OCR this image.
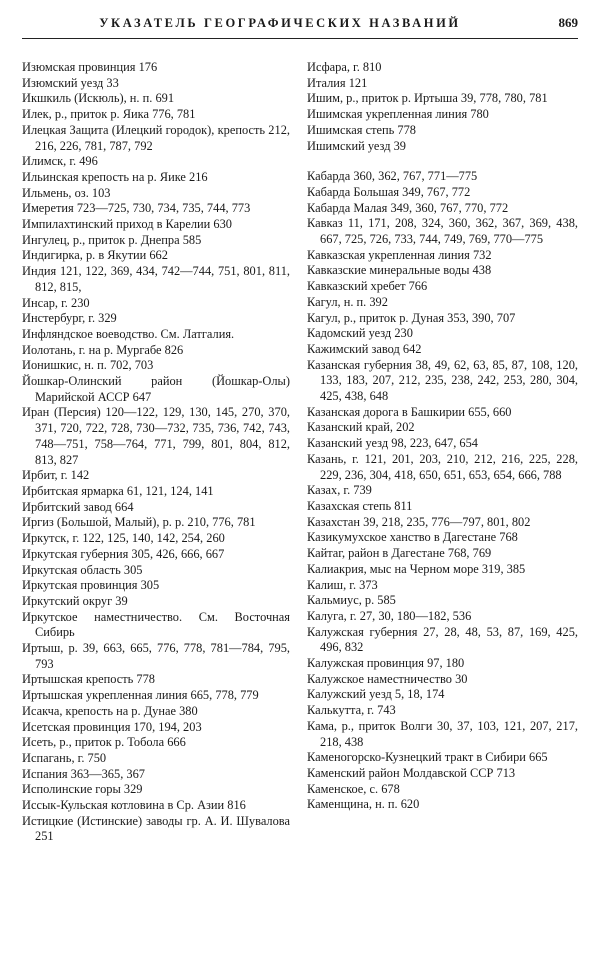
УКАЗАТЕЛЬ ГЕОГРАФИЧЕСКИХ НАЗВАНИЙ	869
Изюмская провинция 176
Изюмский уезд 33
Икшкиль (Искюль), н. п. 691
Илек, р., приток р. Яика 776, 781
Илецкая Защита (Илецкий городок), крепость 212, 216, 226, 781, 787, 792
Илимск, г. 496
Ильинская крепость на р. Яике 216
Ильмень, оз. 103
Имеретия 723—725, 730, 734, 735, 744, 773
Импилахтинский приход в Карелии 630
Ингулец, р., приток р. Днепра 585
Индигирка, р. в Якутии 662
Индия 121, 122, 369, 434, 742—744, 751, 801, 811, 812, 815,
Инсар, г. 230
Инстербург, г. 329
Инфляндское воеводство. См. Латгалия.
Иолотань, г. на р. Мургабе 826
Ионишкис, н. п. 702, 703
Йошкар-Олинский район (Йошкар-Олы) Марийской АССР 647
Иран (Персия) 120—122, 129, 130, 145, 270, 370, 371, 720, 722, 728, 730—732, 735, 736, 742, 743, 748—751, 758—764, 771, 799, 801, 804, 812, 813, 827
Ирбит, г. 142
Ирбитская ярмарка 61, 121, 124, 141
Ирбитский завод 664
Иргиз (Большой, Малый), р. р. 210, 776, 781
Иркутск, г. 122, 125, 140, 142, 254, 260
Иркутская губерния 305, 426, 666, 667
Иркутская область 305
Иркутская провинция 305
Иркутский округ 39
Иркутское наместничество. См. Восточная Сибирь
Иртыш, р. 39, 663, 665, 776, 778, 781—784, 795, 793
Иртышская крепость 778
Иртышская укрепленная линия 665, 778, 779
Исакча, крепость на р. Дунае 380
Исетская провинция 170, 194, 203
Исеть, р., приток р. Тобола 666
Испагань, г. 750
Испания 363—365, 367
Исполинские горы 329
Иссык-Кульская котловина в Ср. Азии 816
Истицкие (Истинские) заводы гр. А. И. Шувалова 251
Исфара, г. 810
Италия 121
Ишим, р., приток р. Иртыша 39, 778, 780, 781
Ишимская укрепленная линия 780
Ишимская степь 778
Ишимский уезд 39
Кабарда 360, 362, 767, 771—775
Кабарда Большая 349, 767, 772
Кабарда Малая 349, 360, 767, 770, 772
Кавказ 11, 171, 208, 324, 360, 362, 367, 369, 438, 667, 725, 726, 733, 744, 749, 769, 770—775
Кавказская укрепленная линия 732
Кавказские минеральные воды 438
Кавказский хребет 766
Кагул, н. п. 392
Кагул, р., приток р. Дуная 353, 390, 707
Кадомский уезд 230
Кажимский завод 642
Казанская губерния 38, 49, 62, 63, 85, 87, 108, 120, 133, 183, 207, 212, 235, 238, 242, 253, 280, 304, 425, 438, 648
Казанская дорога в Башкирии 655, 660
Казанский край, 202
Казанский уезд 98, 223, 647, 654
Казань, г. 121, 201, 203, 210, 212, 216, 225, 228, 229, 236, 304, 418, 650, 651, 653, 654, 666, 788
Казах, г. 739
Казахская степь 811
Казахстан 39, 218, 235, 776—797, 801, 802
Казикумухское ханство в Дагестане 768
Кайтаг, район в Дагестане 768, 769
Калиакрия, мыс на Черном море 319, 385
Калиш, г. 373
Кальмиус, р. 585
Калуга, г. 27, 30, 180—182, 536
Калужская губерния 27, 28, 48, 53, 87, 169, 425, 496, 832
Калужская провинция 97, 180
Калужское наместничество 30
Калужский уезд 5, 18, 174
Калькутта, г. 743
Кама, р., приток Волги 30, 37, 103, 121, 207, 217, 218, 438
Каменогорско-Кузнецкий тракт в Сибири 665
Каменский район Молдавской ССР 713
Каменское, с. 678
Каменщина, н. п. 620
